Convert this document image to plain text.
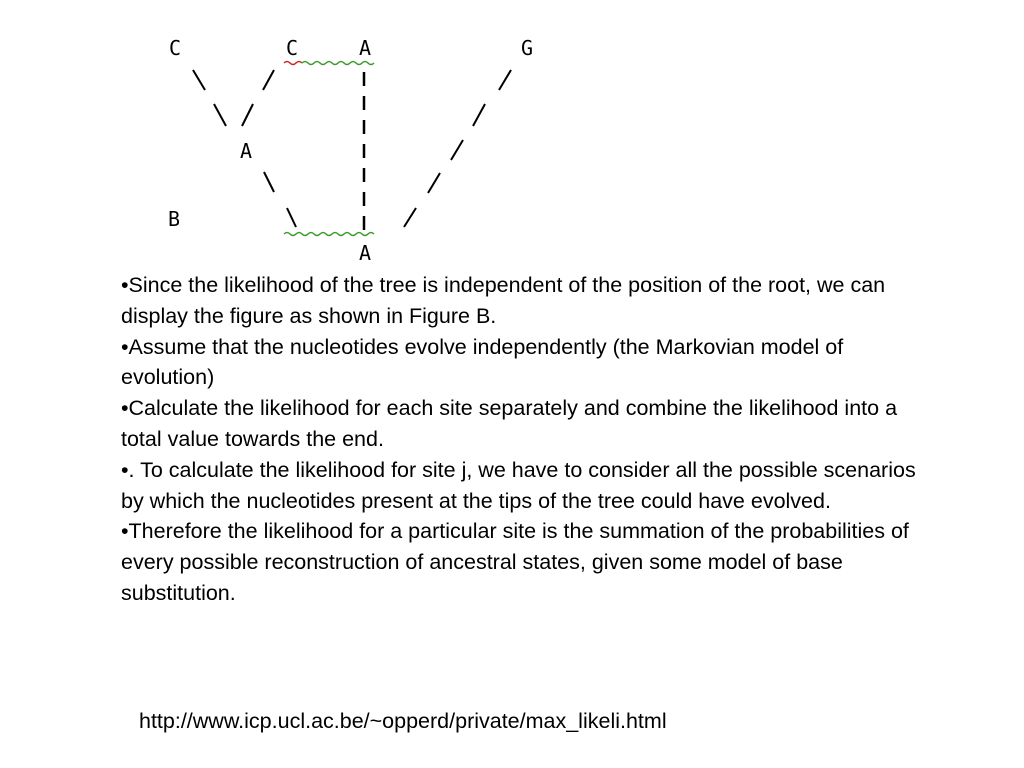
C	C	A	G
A
B
A
•Since the likelihood of the tree is independent of the position of the root, we can display the figure as shown in Figure B.
•Assume that the nucleotides evolve independently (the Markovian model of evolution)
•Calculate the likelihood for each site separately and combine the likelihood into a total value towards the end.
•. To calculate the likelihood for site j, we have to consider all the possible scenarios by which the nucleotides present at the tips of the tree could have evolved.
•Therefore the likelihood for a particular site is the summation of the probabilities of every possible reconstruction of ancestral states, given some model of base substitution.
http://www.icp.ucl.ac.be/~opperd/private/max_likeli.html
